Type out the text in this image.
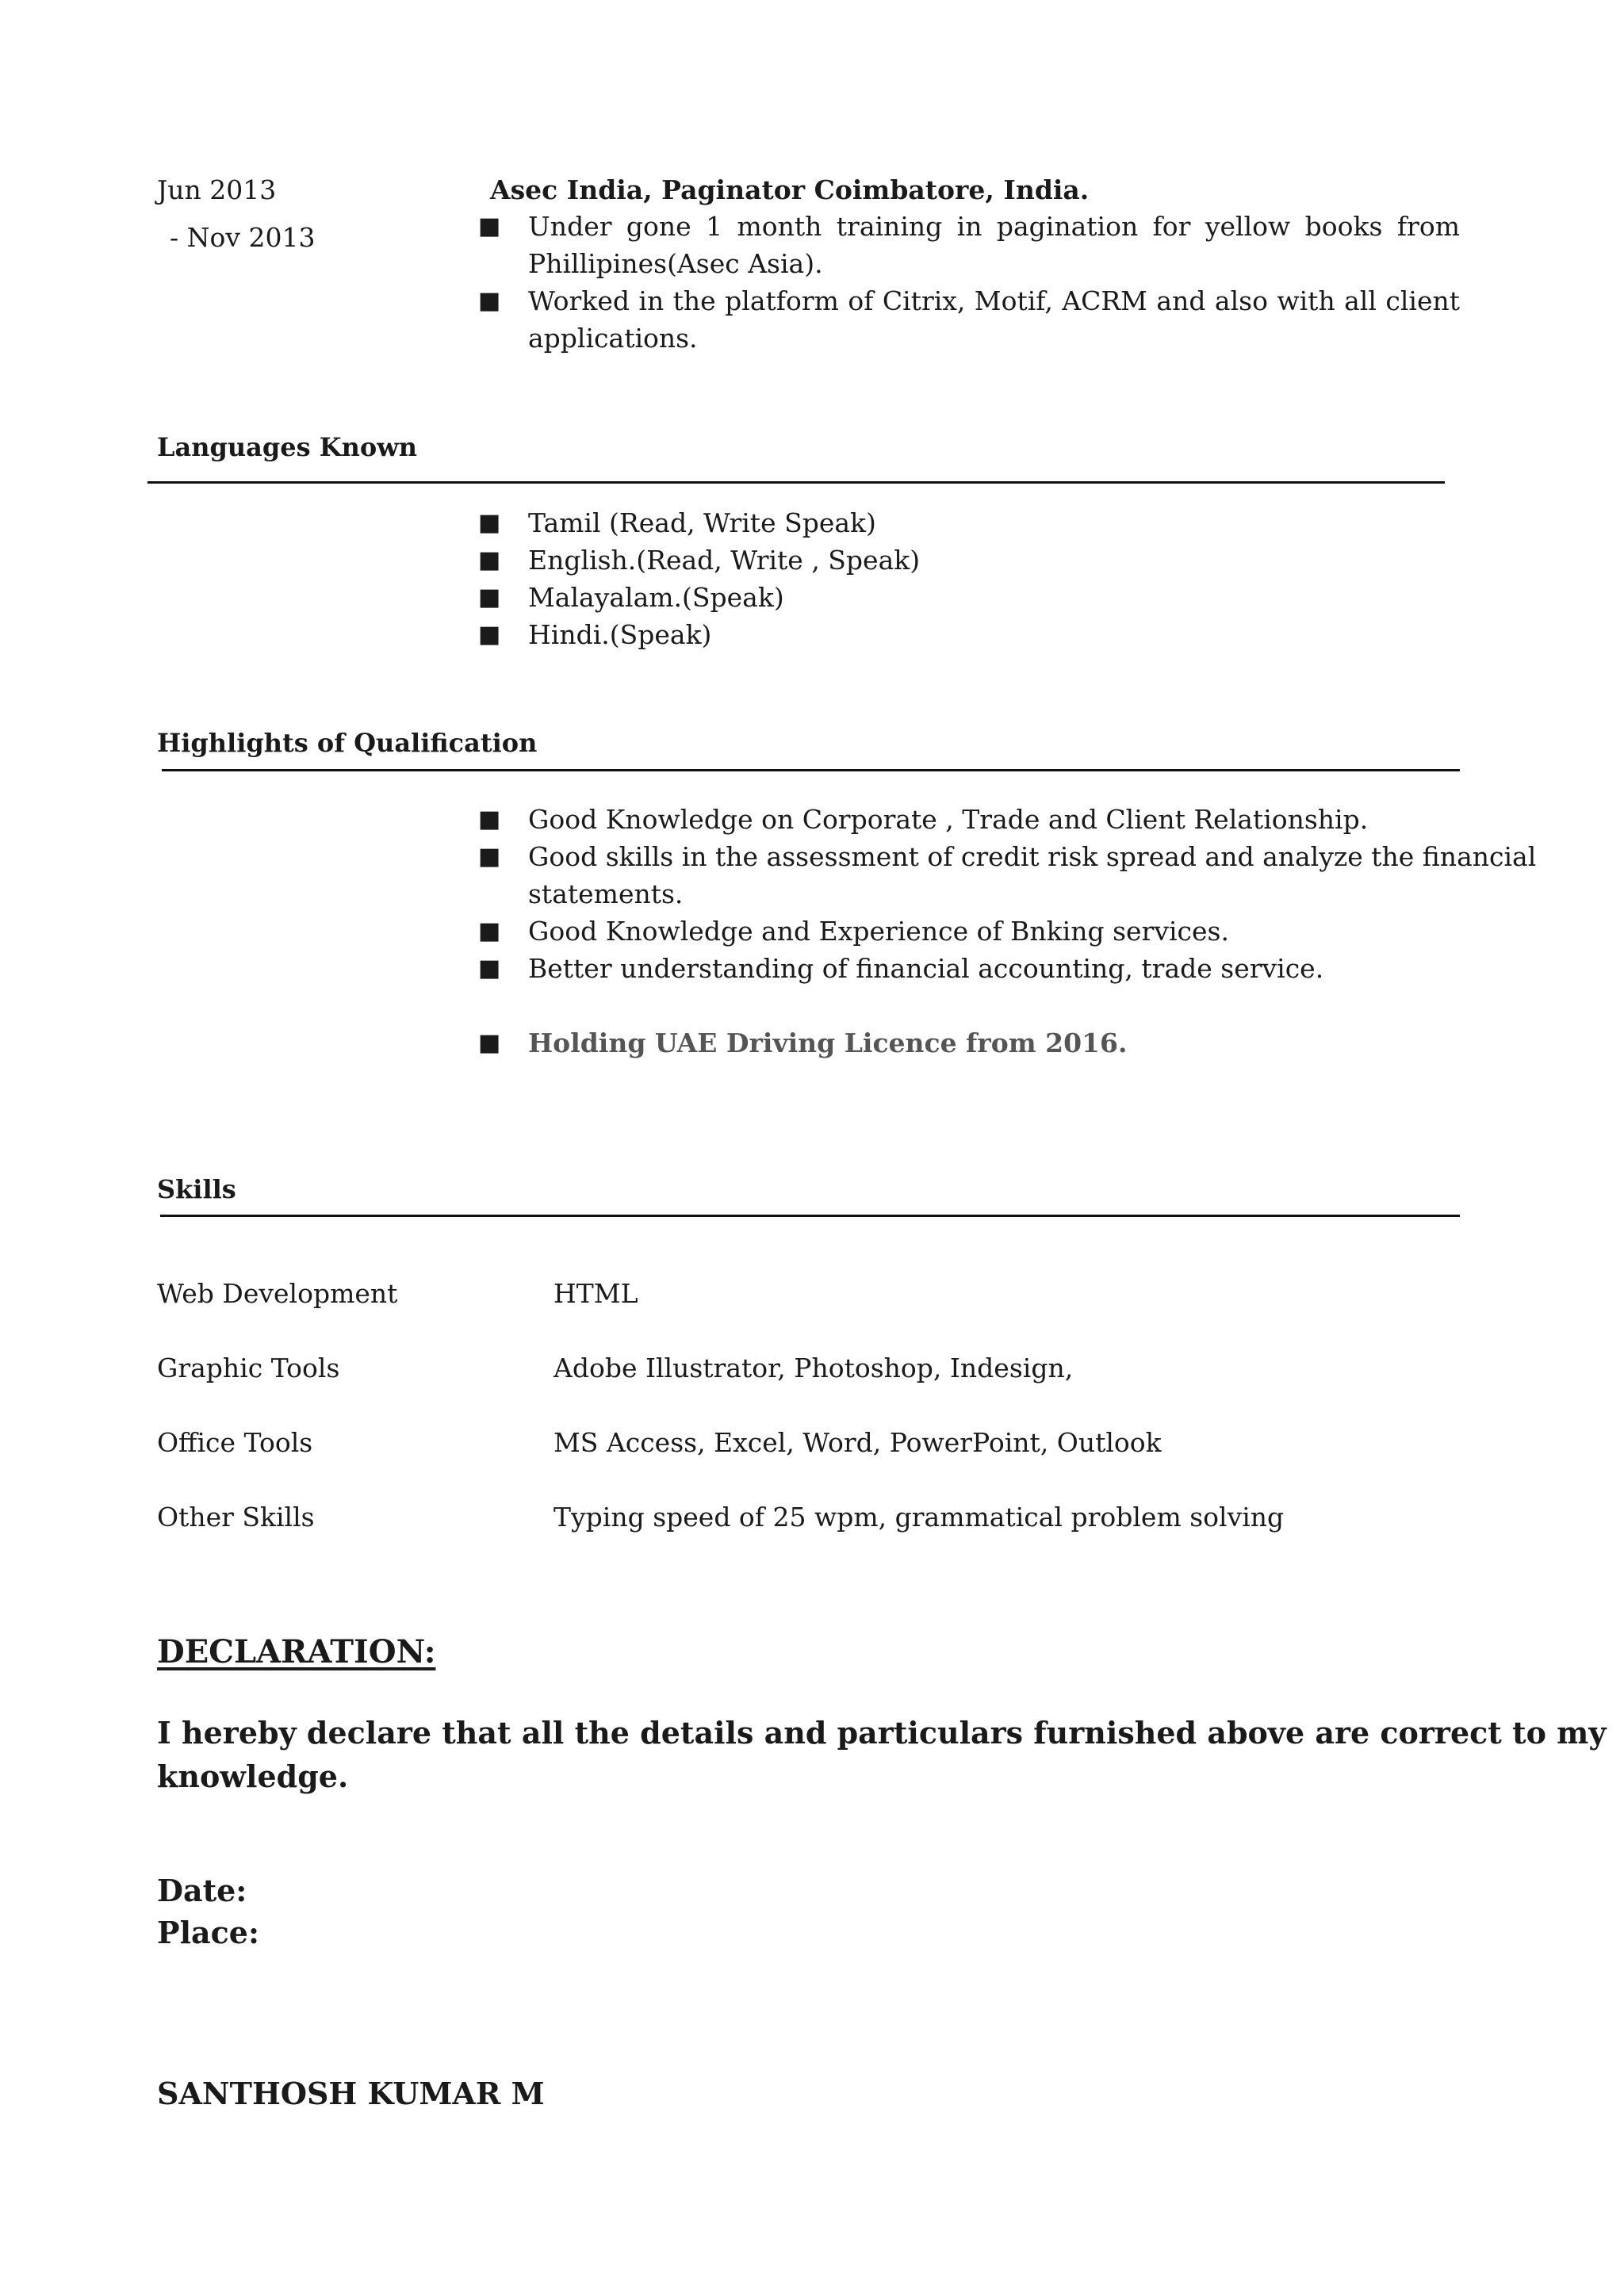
Jun 2013
- Nov 2013
Asec India, Paginator Coimbatore, India.
■ Under gone 1 month training in pagination for yellow books from
Phillipines(Asec Asia).
■ Worked in the platform of Citrix, Motif, ACRM and also with all client
applications.
Languages Known
■ Tamil (Read, Write Speak)
■ English.(Read, Write , Speak)
■ Malayalam.(Speak)
■ Hindi.(Speak)
Highlights of Qualification
■ Good Knowledge on Corporate , Trade and Client Relationship.
■ Good skills in the assessment of credit risk spread and analyze the financial
statements.
■ Good Knowledge and Experience of Bnking services.
■ Better understanding of financial accounting, trade service.
■ Holding UAE Driving Licence from 2016.
Skills
Web Development	HTML
Graphic Tools	Adobe Illustrator, Photoshop, Indesign,
Office Tools	MS Access, Excel, Word, PowerPoint, Outlook
Other Skills	Typing speed of 25 wpm, grammatical problem solving
DECLARATION:
I hereby declare that all the details and particulars furnished above are correct to my
knowledge.
Date:
Place:
SANTHOSH KUMAR M
